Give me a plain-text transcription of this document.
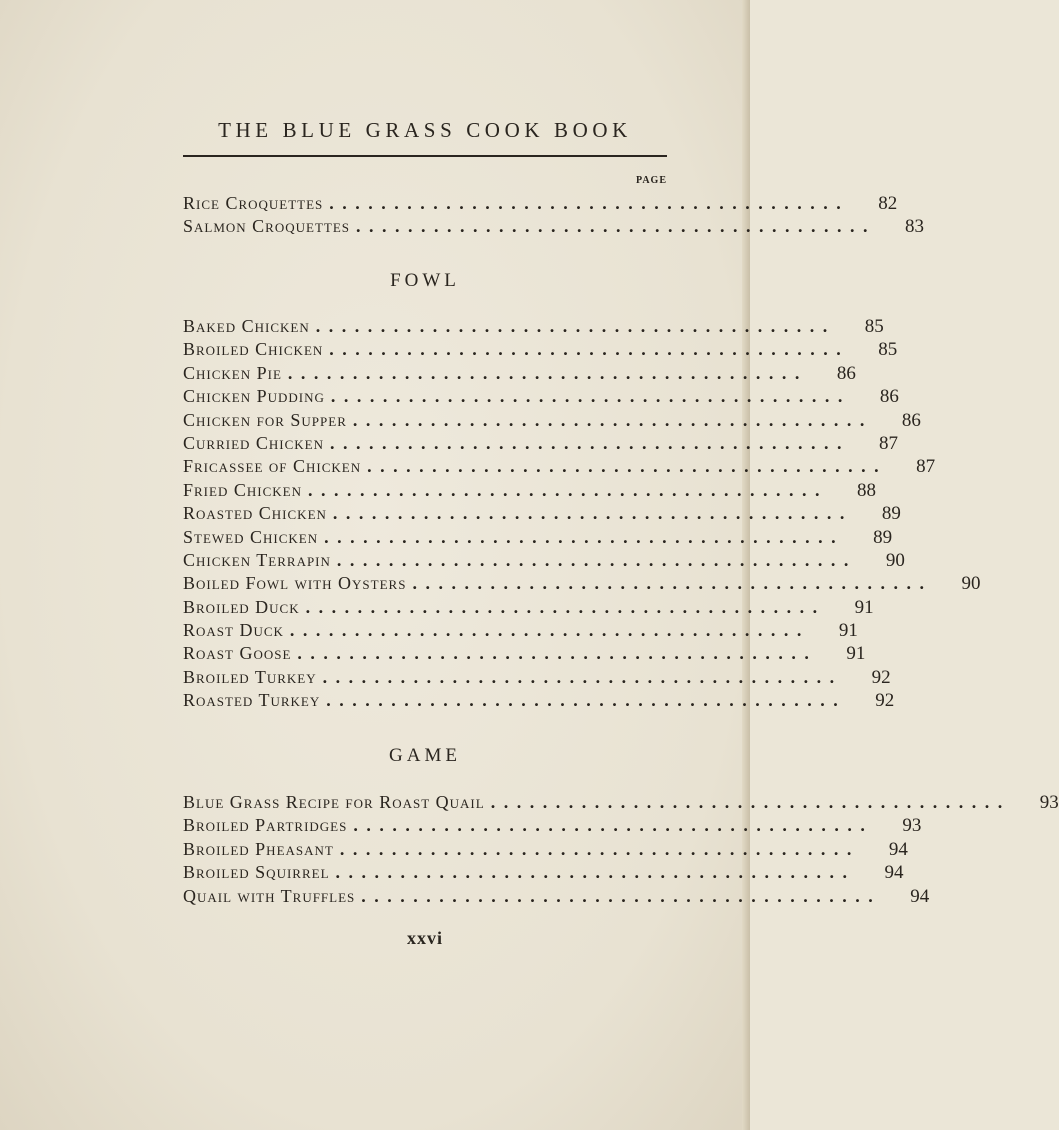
THE BLUE GRASS COOK BOOK
PAGE
Rice Croquettes ........................................	82
Salmon Croquettes ........................................	83
FOWL
Baked Chicken ........................................	85
Broiled Chicken ........................................	85
Chicken Pie ........................................	86
Chicken Pudding ........................................	86
Chicken for Supper ........................................	86
Curried Chicken ........................................	87
Fricassee of Chicken ........................................	87
Fried Chicken ........................................	88
Roasted Chicken ........................................	89
Stewed Chicken ........................................	89
Chicken Terrapin ........................................	90
Boiled Fowl with Oysters ........................................	90
Broiled Duck ........................................	91
Roast Duck ........................................	91
Roast Goose ........................................	91
Broiled Turkey ........................................	92
Roasted Turkey ........................................	92
GAME
Blue Grass Recipe for Roast Quail ........................................	93
Broiled Partridges ........................................	93
Broiled Pheasant ........................................	94
Broiled Squirrel ........................................	94
Quail with Truffles ........................................	94
xxvi
